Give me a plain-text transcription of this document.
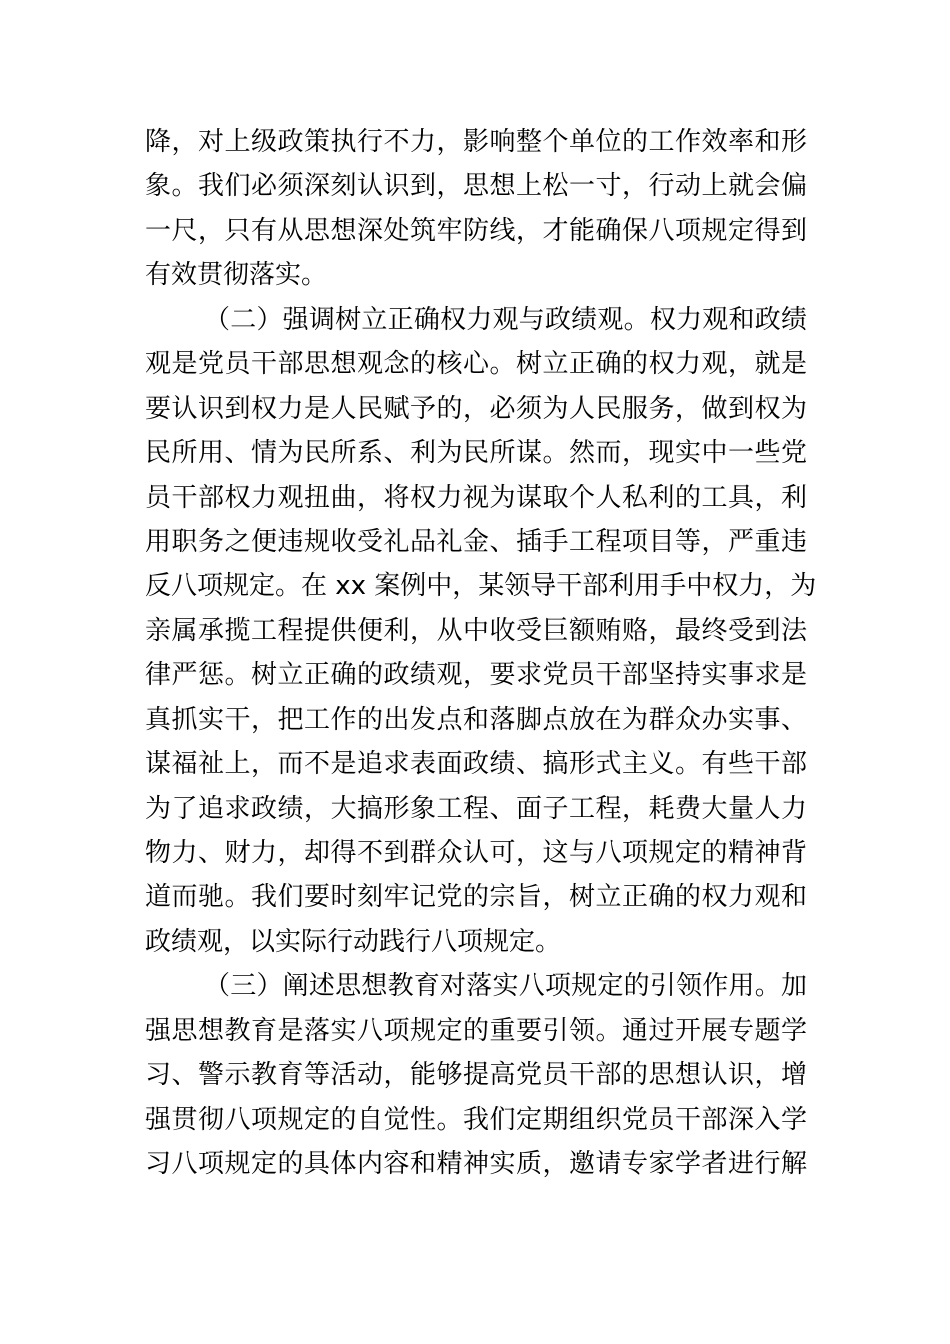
降，对上级政策执行不力，影响整个单位的工作效率和形
象。我们必须深刻认识到，思想上松一寸，行动上就会偏
一尺，只有从思想深处筑牢防线，才能确保八项规定得到
有效贯彻落实。
（二）强调树立正确权力观与政绩观。权力观和政绩
观是党员干部思想观念的核心。树立正确的权力观，就是
要认识到权力是人民赋予的，必须为人民服务，做到权为
民所用、情为民所系、利为民所谋。然而，现实中一些党
员干部权力观扭曲，将权力视为谋取个人私利的工具，利
用职务之便违规收受礼品礼金、插手工程项目等，严重违
反八项规定。在 xx 案例中，某领导干部利用手中权力，为
亲属承揽工程提供便利，从中收受巨额贿赂，最终受到法
律严惩。树立正确的政绩观，要求党员干部坚持实事求是
真抓实干，把工作的出发点和落脚点放在为群众办实事、
谋福祉上，而不是追求表面政绩、搞形式主义。有些干部
为了追求政绩，大搞形象工程、面子工程，耗费大量人力
物力、财力，却得不到群众认可，这与八项规定的精神背
道而驰。我们要时刻牢记党的宗旨，树立正确的权力观和
政绩观，以实际行动践行八项规定。
（三）阐述思想教育对落实八项规定的引领作用。加
强思想教育是落实八项规定的重要引领。通过开展专题学
习、警示教育等活动，能够提高党员干部的思想认识，增
强贯彻八项规定的自觉性。我们定期组织党员干部深入学
习八项规定的具体内容和精神实质，邀请专家学者进行解
